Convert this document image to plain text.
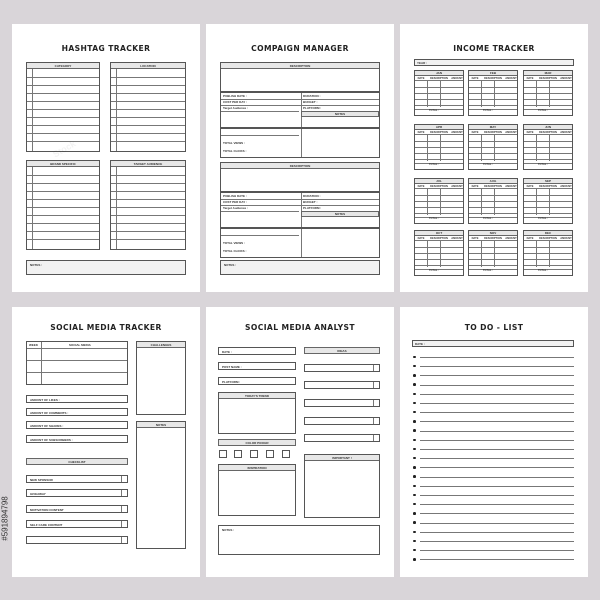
#591894798
HASHTAG TRACKER
CATEGORY	LOCATION
BRAND SPECIFIC	TARGET AUDIENCE
NOTES :
Stock
COMPAIGN MANAGER
DESCRIPTION
PUBLISH DATE :
COST PER DAY :
Target Audience :
DURATION :
BUDGET :
PLATFORM :
NOTES
TOTAL VIEWS :
TOTAL CLICKS :
DESCRIPTION
PUBLISH DATE :
COST PER DAY :
Target Audience :
DURATION :
BUDGET :
PLATFORM :
NOTES
TOTAL VIEWS :
TOTAL CLICKS :
NOTES :
INCOME TRACKER
YEAR :
JAN
DATE	DESCRIPTION	AMOUNT
TOTAL :
FEB
DATE	DESCRIPTION	AMOUNT
TOTAL :
MAR
DATE	DESCRIPTION	AMOUNT
TOTAL :
APR
DATE	DESCRIPTION	AMOUNT
TOTAL :
MAY
DATE	DESCRIPTION	AMOUNT
TOTAL :
JUN
DATE	DESCRIPTION	AMOUNT
TOTAL :
JUL
DATE	DESCRIPTION	AMOUNT
TOTAL :
AUG
DATE	DESCRIPTION	AMOUNT
TOTAL :
SEP
DATE	DESCRIPTION	AMOUNT
TOTAL :
OCT
DATE	DESCRIPTION	AMOUNT
TOTAL :
NOV
DATE	DESCRIPTION	AMOUNT
TOTAL :
DEC
DATE	DESCRIPTION	AMOUNT
TOTAL :
SOCIAL MEDIA TRACKER
WEEK	SOCIAL MEDIA	CHALLENGES
AMOUNT OF LIKES :
AMOUNT OF COMMENTS :
AMOUNT OF SHARES :
AMOUNT OF SUBSCRIBERS :
NOTES
CHECKLIST
NEW SPONSOR
GIVEAWAY
MOTIVATION CONTENT
SELF CARE CONTENT
SOCIAL MEDIA ANALYST
DATE :
POST NAME :
PLATFORM :
IDEAS
TODAY'S TREND
COLOR PICKER
INSPIRATION
IMPORTANT !
NOTES :
TO DO - LIST
DATE :
